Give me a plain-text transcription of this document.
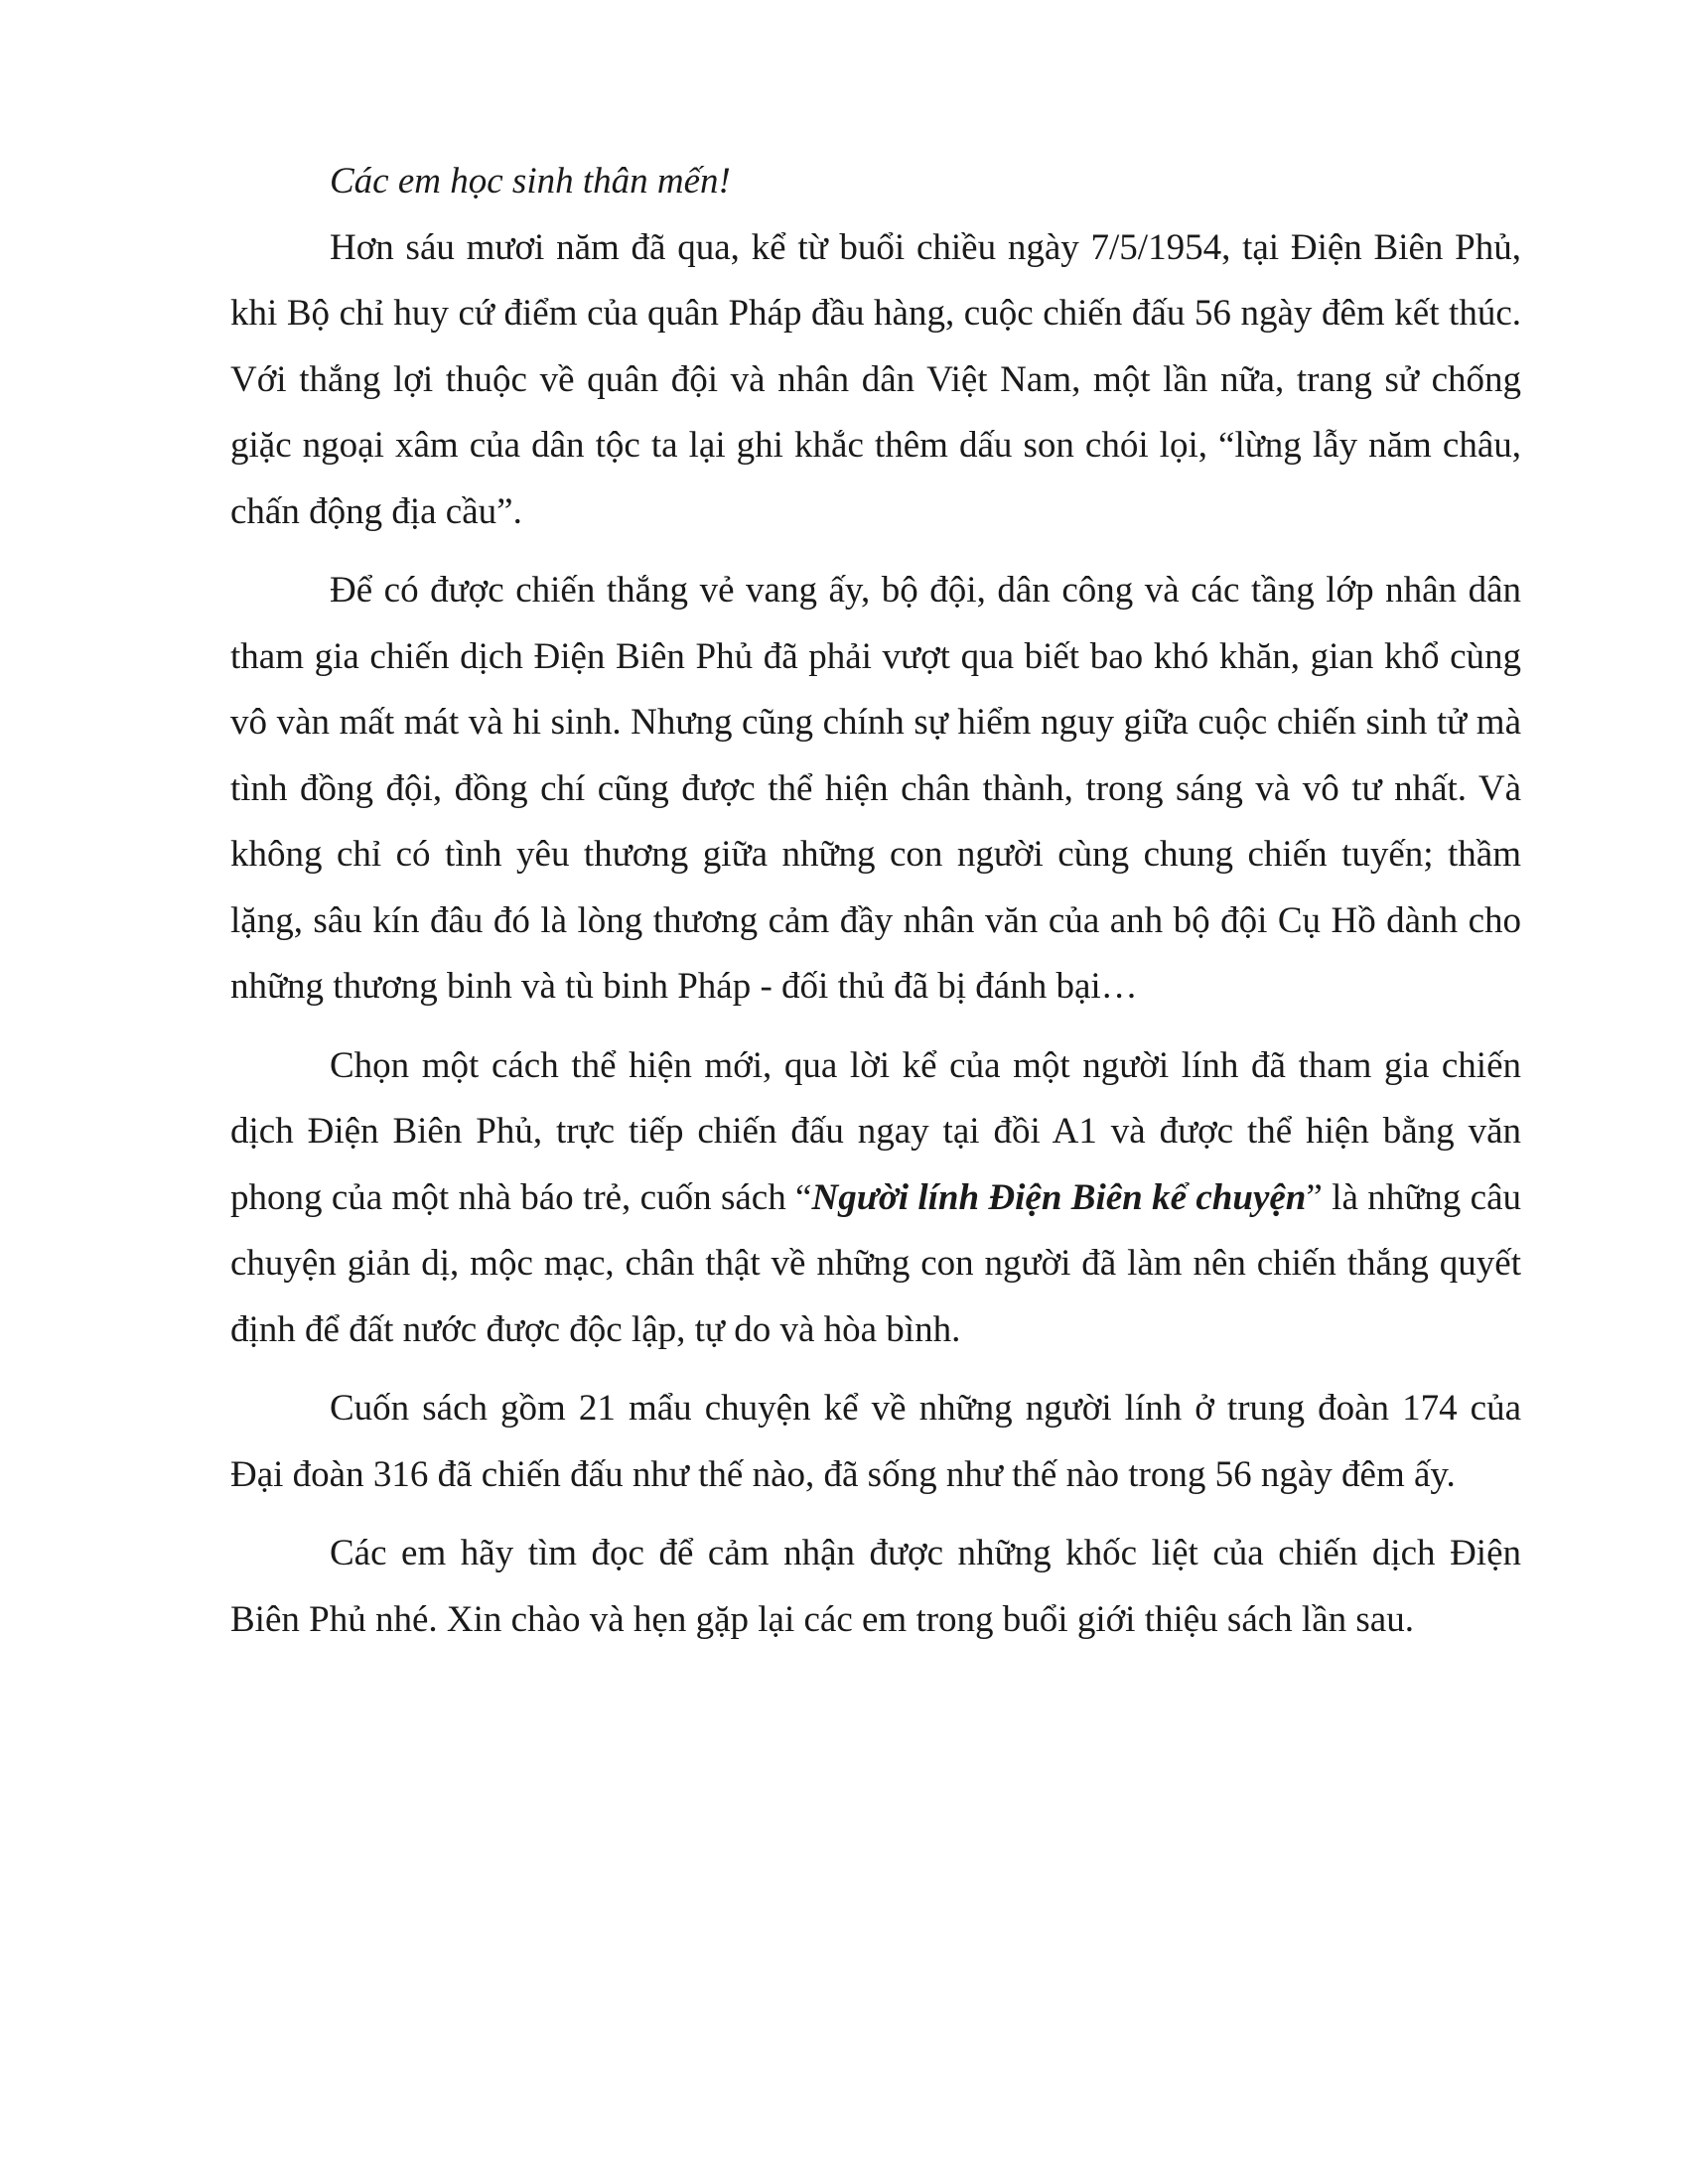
Các em học sinh thân mến!

Hơn sáu mươi năm đã qua, kể từ buổi chiều ngày 7/5/1954, tại Điện Biên Phủ, khi Bộ chỉ huy cứ điểm của quân Pháp đầu hàng, cuộc chiến đấu 56 ngày đêm kết thúc. Với thắng lợi thuộc về quân đội và nhân dân Việt Nam, một lần nữa, trang sử chống giặc ngoại xâm của dân tộc ta lại ghi khắc thêm dấu son chói lọi, “lừng lẫy năm châu, chấn động địa cầu”.

Để có được chiến thắng vẻ vang ấy, bộ đội, dân công và các tầng lớp nhân dân tham gia chiến dịch Điện Biên Phủ đã phải vượt qua biết bao khó khăn, gian khổ cùng vô vàn mất mát và hi sinh. Nhưng cũng chính sự hiểm nguy giữa cuộc chiến sinh tử mà tình đồng đội, đồng chí cũng được thể hiện chân thành, trong sáng và vô tư nhất. Và không chỉ có tình yêu thương giữa những con người cùng chung chiến tuyến; thầm lặng, sâu kín đâu đó là lòng thương cảm đầy nhân văn của anh bộ đội Cụ Hồ dành cho những thương binh và tù binh Pháp - đối thủ đã bị đánh bại…

Chọn một cách thể hiện mới, qua lời kể của một người lính đã tham gia chiến dịch Điện Biên Phủ, trực tiếp chiến đấu ngay tại đồi A1 và được thể hiện bằng văn phong của một nhà báo trẻ, cuốn sách “Người lính Điện Biên kể chuyện” là những câu chuyện giản dị, mộc mạc, chân thật về những con người đã làm nên chiến thắng quyết định để đất nước được độc lập, tự do và hòa bình.

Cuốn sách gồm 21 mẩu chuyện kể về những người lính ở trung đoàn 174 của Đại đoàn 316 đã chiến đấu như thế nào, đã sống như thế nào trong 56 ngày đêm ấy.

Các em hãy tìm đọc để cảm nhận được những khốc liệt của chiến dịch Điện Biên Phủ nhé. Xin chào và hẹn gặp lại các em trong buổi giới thiệu sách lần sau.
